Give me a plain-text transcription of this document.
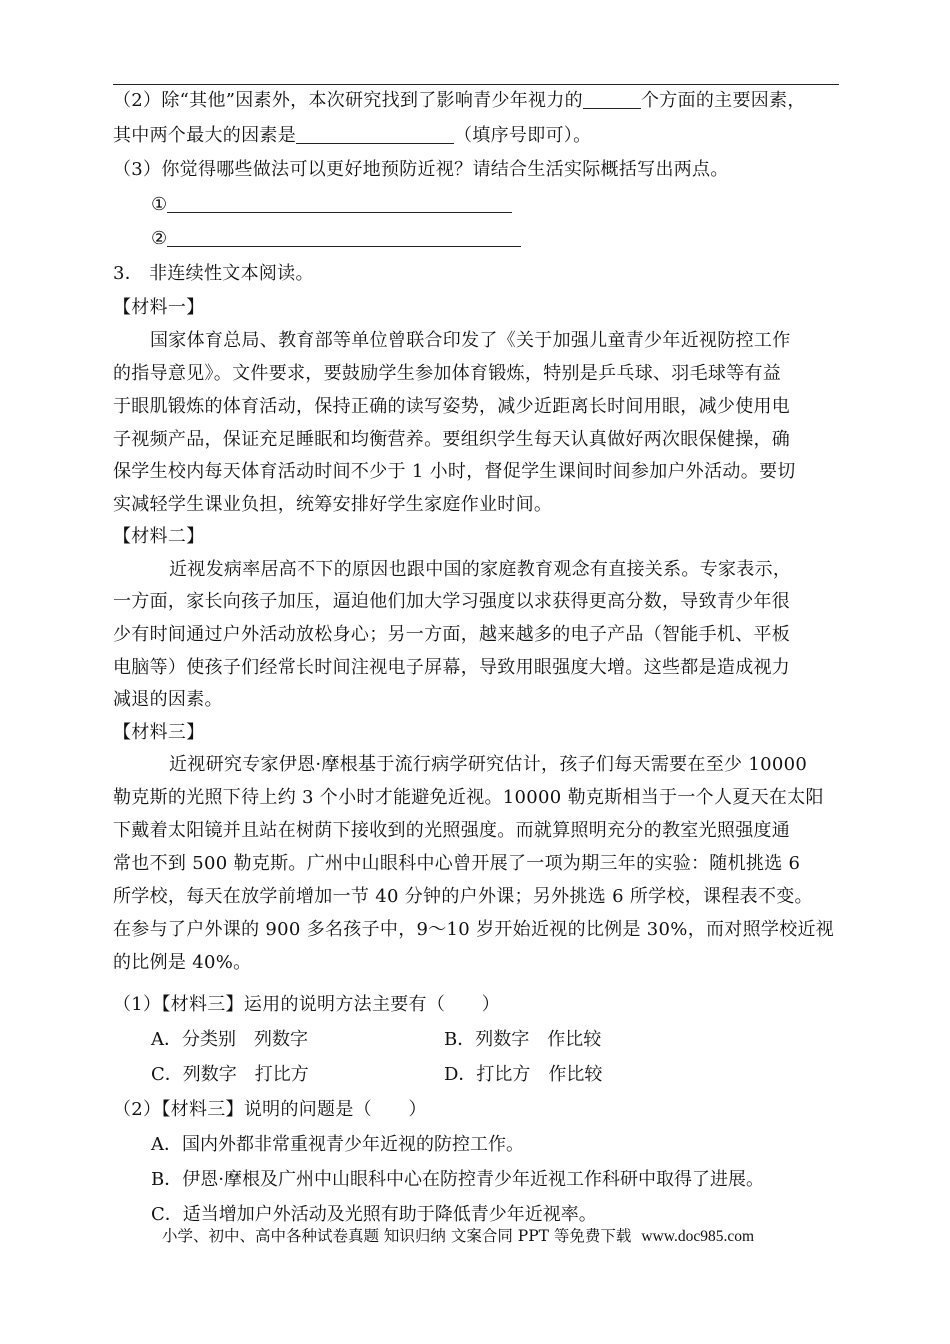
（2）除“其他”因素外，本次研究找到了影响青少年视力的	个方面的主要因素，
其中两个最大的因素是	（填序号即可）。
（3）你觉得哪些做法可以更好地预防近视？请结合生活实际概括写出两点。
①
②
3． 非连续性文本阅读。
【材料一】
国家体育总局、教育部等单位曾联合印发了《关于加强儿童青少年近视防控工作
的指导意见》。文件要求，要鼓励学生参加体育锻炼，特别是乒乓球、羽毛球等有益
于眼肌锻炼的体育活动，保持正确的读写姿势，减少近距离长时间用眼，减少使用电
子视频产品，保证充足睡眠和均衡营养。要组织学生每天认真做好两次眼保健操，确
保学生校内每天体育活动时间不少于 1 小时，督促学生课间时间参加户外活动。要切
实减轻学生课业负担，统筹安排好学生家庭作业时间。
【材料二】
近视发病率居高不下的原因也跟中国的家庭教育观念有直接关系。专家表示，
一方面，家长向孩子加压，逼迫他们加大学习强度以求获得更高分数，导致青少年很
少有时间通过户外活动放松身心；另一方面，越来越多的电子产品（智能手机、平板
电脑等）使孩子们经常长时间注视电子屏幕，导致用眼强度大增。这些都是造成视力
减退的因素。
【材料三】
近视研究专家伊恩·摩根基于流行病学研究估计，孩子们每天需要在至少 10000
勒克斯的光照下待上约 3 个小时才能避免近视。10000 勒克斯相当于一个人夏天在太阳
下戴着太阳镜并且站在树荫下接收到的光照强度。而就算照明充分的教室光照强度通
常也不到 500 勒克斯。广州中山眼科中心曾开展了一项为期三年的实验：随机挑选 6
所学校，每天在放学前增加一节 40 分钟的户外课；另外挑选 6 所学校，课程表不变。
在参与了户外课的 900 多名孩子中，9～10 岁开始近视的比例是 30%，而对照学校近视
的比例是 40%。
（1）【材料三】运用的说明方法主要有（　　）
A．分类别　列数字	B．列数字　作比较
C．列数字　打比方	D．打比方　作比较
（2）【材料三】说明的问题是（　　）
A．国内外都非常重视青少年近视的防控工作。
B．伊恩·摩根及广州中山眼科中心在防控青少年近视工作科研中取得了进展。
C．适当增加户外活动及光照有助于降低青少年近视率。
小学、初中、高中各种试卷真题 知识归纳 文案合同 PPT 等免费下载 www.doc985.com
